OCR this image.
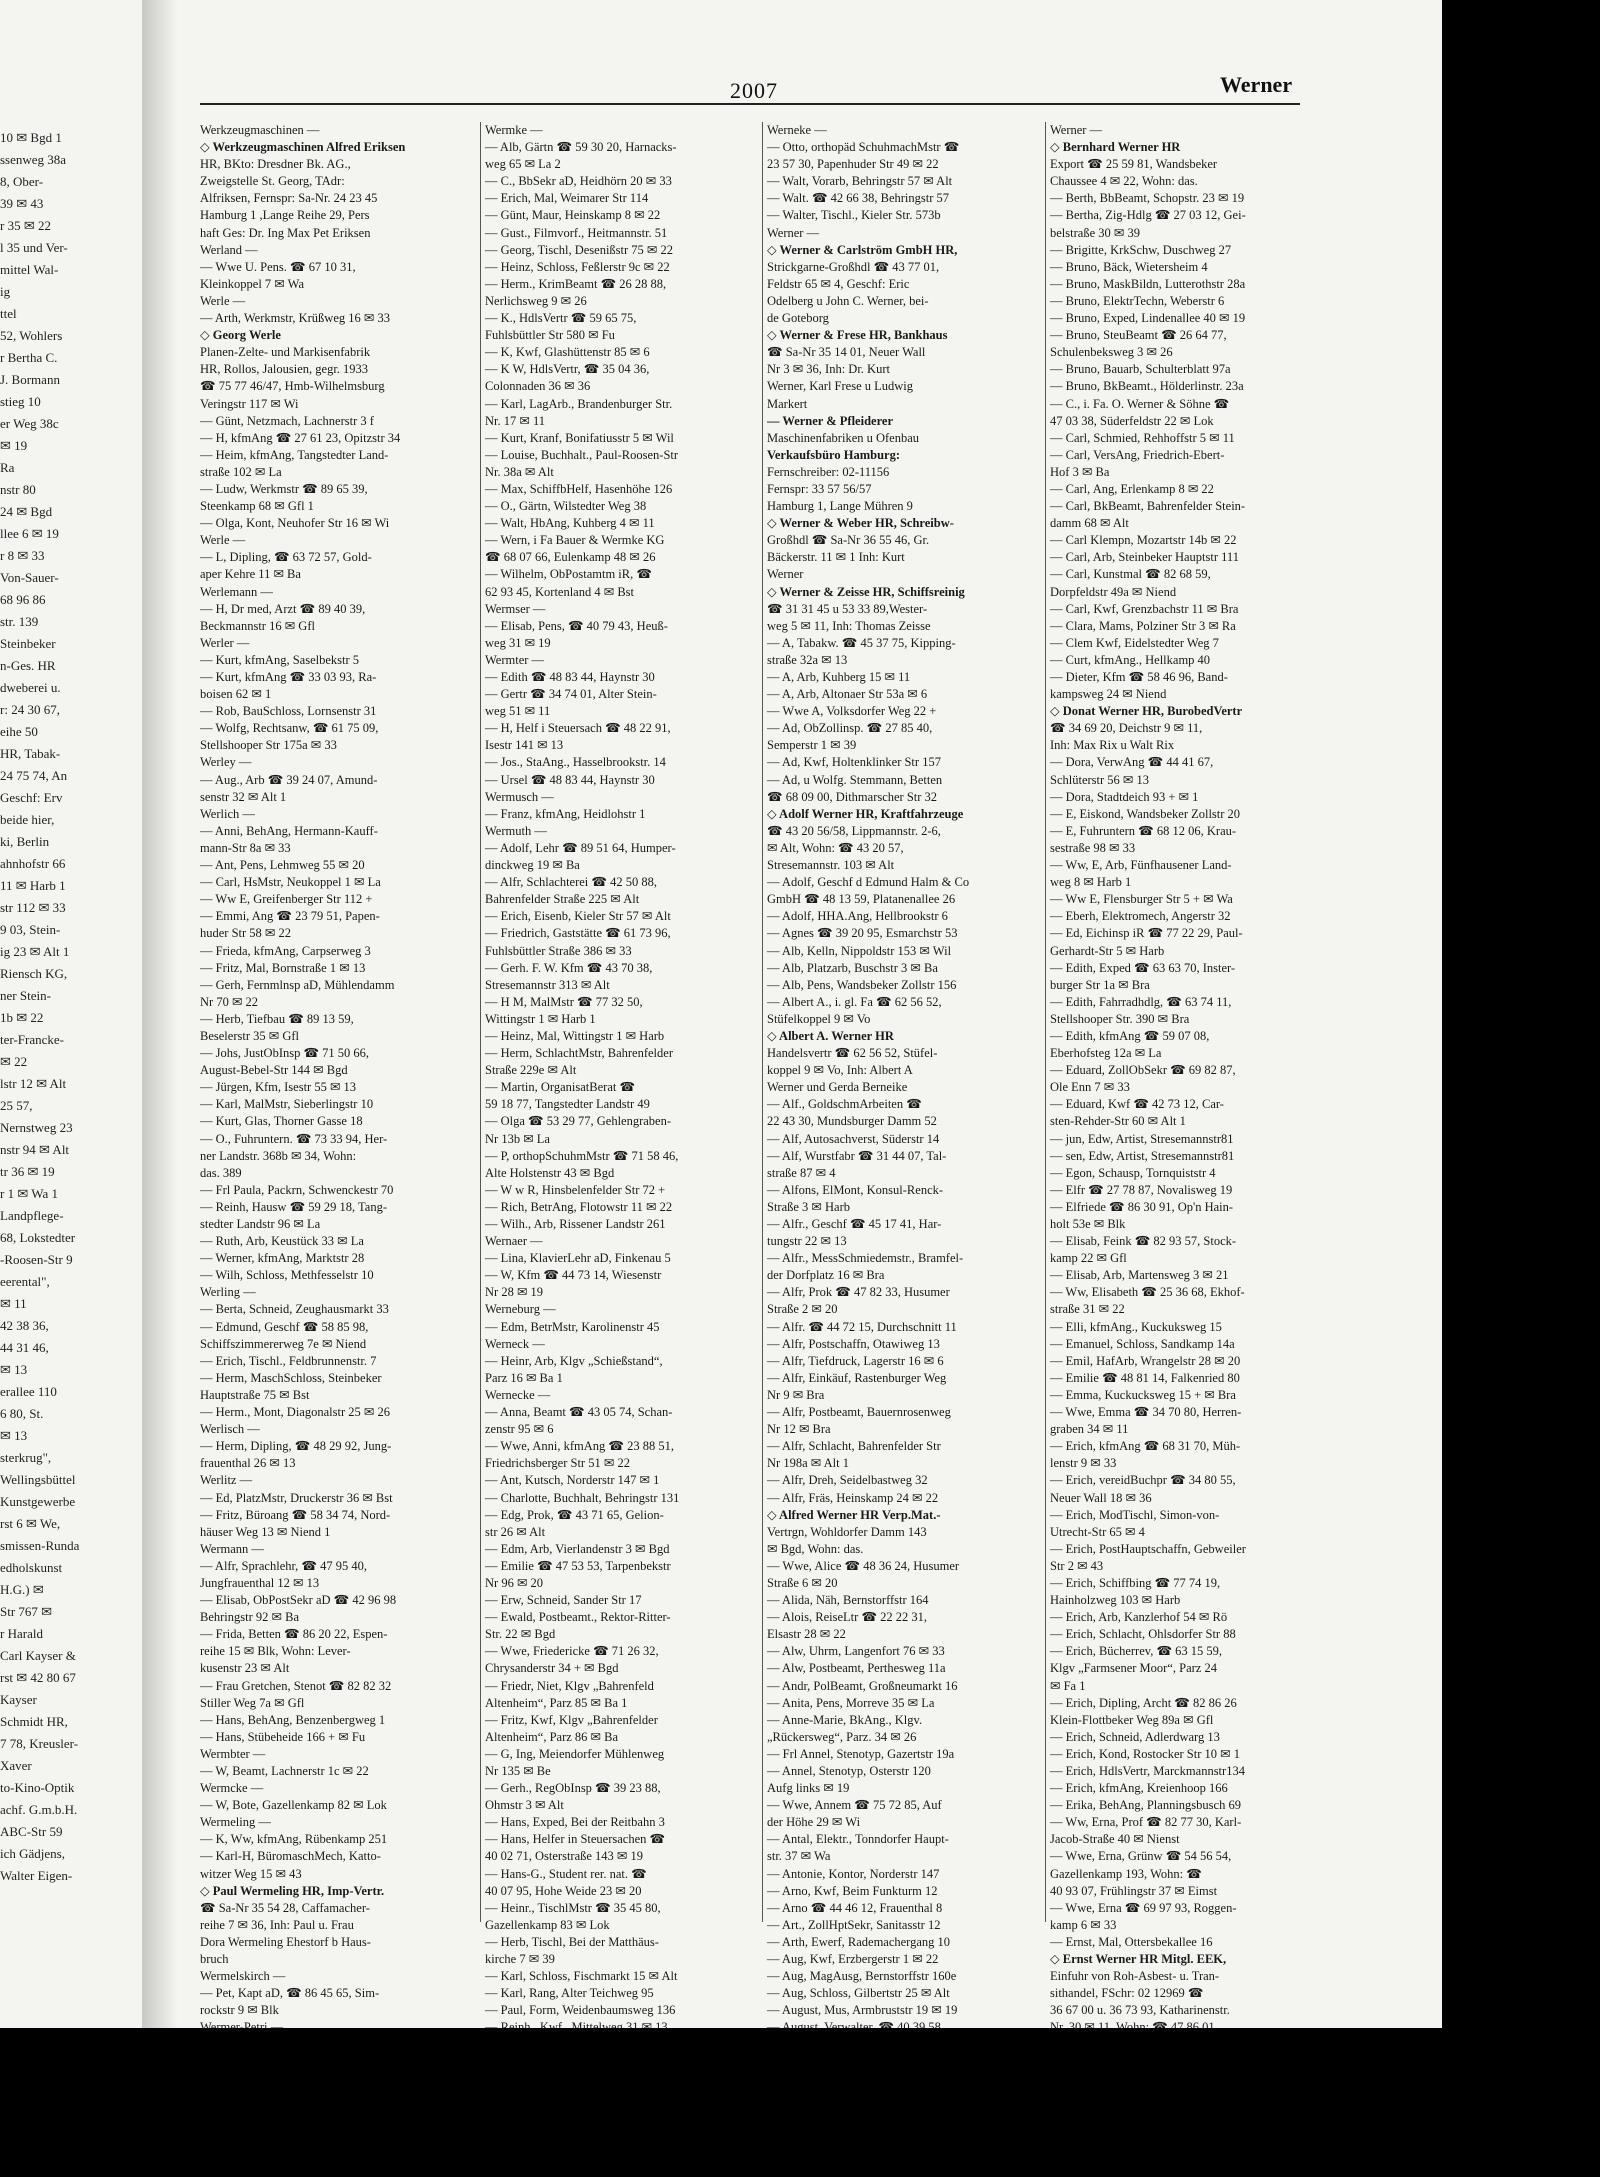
10 ✉ Bgd 1
ssenweg 38a
8, Ober-
39 ✉ 43
r 35 ✉ 22
l 35 und Ver-
mittel Wal-
ig
ttel
52, Wohlers
r Bertha C.
J. Bormann
stieg 10
er Weg 38c
✉ 19
Ra
nstr 80
24 ✉ Bgd
llee 6 ✉ 19
r 8 ✉ 33
Von-Sauer-
68 96 86
str. 139
Steinbeker
n-Ges. HR
dweberei u.
r: 24 30 67,
eihe 50
HR, Tabak-
24 75 74, An
Geschf: Erv
beide hier,
ki, Berlin
ahnhofstr 66
11 ✉ Harb 1
str 112 ✉ 33
9 03, Stein-
ig 23 ✉ Alt 1
Riensch KG,
ner Stein-
1b ✉ 22
ter-Francke-
✉ 22
lstr 12 ✉ Alt
25 57,
Nernstweg 23
nstr 94 ✉ Alt
tr 36 ✉ 19
r 1 ✉ Wa 1
Landpflege-
68, Lokstedter
-Roosen-Str 9
eerental",
✉ 11
42 38 36,
44 31 46,
✉ 13
erallee 110
6 80, St.
✉ 13
sterkrug",
Wellingsbüttel
Kunstgewerbe
rst 6 ✉ We,
smissen-Runda
edholskunst
H.G.) ✉
Str 767 ✉
r Harald
Carl Kayser &
rst ✉ 42 80 67
Kayser
Schmidt HR,
7 78, Kreusler-
Xaver
to-Kino-Optik
achf. G.m.b.H.
ABC-Str 59
ich Gädjens,
Walter Eigen-
2007	Werner
Werkzeugmaschinen —
◇ Werkzeugmaschinen Alfred Eriksen
HR, BKto: Dresdner Bk. AG.,
Zweigstelle St. Georg, TAdr:
Alfriksen, Fernspr: Sa-Nr. 24 23 45
Hamburg 1 ,Lange Reihe 29, Pers
haft Ges: Dr. Ing Max Pet Eriksen
Werland —
— Wwe U. Pens. ☎ 67 10 31,
Kleinkoppel 7 ✉ Wa
Werle —
— Arth, Werkmstr, Krüßweg 16 ✉ 33
◇ Georg Werle
Planen-Zelte- und Markisenfabrik
HR, Rollos, Jalousien, gegr. 1933
☎ 75 77 46/47, Hmb-Wilhelmsburg
Veringstr 117 ✉ Wi
— Günt, Netzmach, Lachnerstr 3 f
— H, kfmAng ☎ 27 61 23, Opitzstr 34
— Heim, kfmAng, Tangstedter Land-
straße 102 ✉ La
— Ludw, Werkmstr ☎ 89 65 39,
Steenkamp 68 ✉ Gfl 1
— Olga, Kont, Neuhofer Str 16 ✉ Wi
Werle —
— L, Dipling, ☎ 63 72 57, Gold-
aper Kehre 11 ✉ Ba
Werlemann —
— H, Dr med, Arzt ☎ 89 40 39,
Beckmannstr 16 ✉ Gfl
Werler —
— Kurt, kfmAng, Saselbekstr 5
— Kurt, kfmAng ☎ 33 03 93, Ra-
boisen 62 ✉ 1
— Rob, BauSchloss, Lornsenstr 31
— Wolfg, Rechtsanw, ☎ 61 75 09,
Stellshooper Str 175a ✉ 33
Werley —
— Aug., Arb ☎ 39 24 07, Amund-
senstr 32 ✉ Alt 1
Werlich —
— Anni, BehAng, Hermann-Kauff-
mann-Str 8a ✉ 33
— Ant, Pens, Lehmweg 55 ✉ 20
— Carl, HsMstr, Neukoppel 1 ✉ La
— Ww E, Greifenberger Str 112 +
— Emmi, Ang ☎ 23 79 51, Papen-
huder Str 58 ✉ 22
— Frieda, kfmAng, Carpserweg 3
— Fritz, Mal, Bornstraße 1 ✉ 13
— Gerh, Fernmlnsp aD, Mühlendamm
Nr 70 ✉ 22
— Herb, Tiefbau ☎ 89 13 59,
Beselerstr 35 ✉ Gfl
— Johs, JustObInsp ☎ 71 50 66,
August-Bebel-Str 144 ✉ Bgd
— Jürgen, Kfm, Isestr 55 ✉ 13
— Karl, MalMstr, Sieberlingstr 10
— Kurt, Glas, Thorner Gasse 18
— O., Fuhruntern. ☎ 73 33 94, Her-
ner Landstr. 368b ✉ 34, Wohn:
das. 389
— Frl Paula, Packrn, Schwenckestr 70
— Reinh, Hausw ☎ 59 29 18, Tang-
stedter Landstr 96 ✉ La
— Ruth, Arb, Keustück 33 ✉ La
— Werner, kfmAng, Marktstr 28
— Wilh, Schloss, Methfesselstr 10
Werling —
— Berta, Schneid, Zeughausmarkt 33
— Edmund, Geschf ☎ 58 85 98,
Schiffszimmererweg 7e ✉ Niend
— Erich, Tischl., Feldbrunnenstr. 7
— Herm, MaschSchloss, Steinbeker
Hauptstraße 75 ✉ Bst
— Herm., Mont, Diagonalstr 25 ✉ 26
Werlisch —
— Herm, Dipling, ☎ 48 29 92, Jung-
frauenthal 26 ✉ 13
Werlitz —
— Ed, PlatzMstr, Druckerstr 36 ✉ Bst
— Fritz, Büroang ☎ 58 34 74, Nord-
häuser Weg 13 ✉ Niend 1
Wermann —
— Alfr, Sprachlehr, ☎ 47 95 40,
Jungfrauenthal 12 ✉ 13
— Elisab, ObPostSekr aD ☎ 42 96 98
Behringstr 92 ✉ Ba
— Frida, Betten ☎ 86 20 22, Espen-
reihe 15 ✉ Blk, Wohn: Lever-
kusenstr 23 ✉ Alt
— Frau Gretchen, Stenot ☎ 82 82 32
Stiller Weg 7a ✉ Gfl
— Hans, BehAng, Benzenbergweg 1
— Hans, Stübeheide 166 + ✉ Fu
Wermbter —
— W, Beamt, Lachnerstr 1c ✉ 22
Wermcke —
— W, Bote, Gazellenkamp 82 ✉ Lok
Wermeling —
— K, Ww, kfmAng, Rübenkamp 251
— Karl-H, BüromaschMech, Katto-
witzer Weg 15 ✉ 43
◇ Paul Wermeling HR, Imp-Vertr.
☎ Sa-Nr 35 54 28, Caffamacher-
reihe 7 ✉ 36, Inh: Paul u. Frau
Dora Wermeling Ehestorf b Haus-
bruch
Wermelskirch —
— Pet, Kapt aD, ☎ 86 45 65, Sim-
rockstr 9 ✉ Blk
Wermke —
— Alb, Gärtn ☎ 59 30 20, Harnacks-
weg 65 ✉ La 2
— C., BbSekr aD, Heidhörn 20 ✉ 33
— Erich, Mal, Weimarer Str 114
— Günt, Maur, Heinskamp 8 ✉ 22
— Gust., Filmvorf., Heitmannstr. 51
— Georg, Tischl, Desenißstr 75 ✉ 22
— Heinz, Schloss, Feßlerstr 9c ✉ 22
— Herm., KrimBeamt ☎ 26 28 88,
Nerlichsweg 9 ✉ 26
— K., HdlsVertr ☎ 59 65 75,
Fuhlsbüttler Str 580 ✉ Fu
— K, Kwf, Glashüttenstr 85 ✉ 6
— K W, HdlsVertr, ☎ 35 04 36,
Colonnaden 36 ✉ 36
— Karl, LagArb., Brandenburger Str.
Nr. 17 ✉ 11
— Kurt, Kranf, Bonifatiusstr 5 ✉ Wil
— Louise, Buchhalt., Paul-Roosen-Str
Nr. 38a ✉ Alt
— Max, SchiffbHelf, Hasenhöhe 126
— O., Gärtn, Wilstedter Weg 38
— Walt, HbAng, Kuhberg 4 ✉ 11
— Wern, i Fa Bauer & Wermke KG
☎ 68 07 66, Eulenkamp 48 ✉ 26
— Wilhelm, ObPostamtm iR, ☎
62 93 45, Kortenland 4 ✉ Bst
Wermser —
— Elisab, Pens, ☎ 40 79 43, Heuß-
weg 31 ✉ 19
Wermter —
— Edith ☎ 48 83 44, Haynstr 30
— Gertr ☎ 34 74 01, Alter Stein-
weg 51 ✉ 11
— H, Helf i Steuersach ☎ 48 22 91,
Isestr 141 ✉ 13
— Jos., StaAng., Hasselbrookstr. 14
— Ursel ☎ 48 83 44, Haynstr 30
Wermusch —
— Franz, kfmAng, Heidlohstr 1
Wermuth —
— Adolf, Lehr ☎ 89 51 64, Humper-
dinckweg 19 ✉ Ba
— Alfr, Schlachterei ☎ 42 50 88,
Bahrenfelder Straße 225 ✉ Alt
— Erich, Eisenb, Kieler Str 57 ✉ Alt
— Friedrich, Gaststätte ☎ 61 73 96,
Fuhlsbüttler Straße 386 ✉ 33
— Gerh. F. W. Kfm ☎ 43 70 38,
Stresemannstr 313 ✉ Alt
— H M, MalMstr ☎ 77 32 50,
Wittingstr 1 ✉ Harb 1
— Heinz, Mal, Wittingstr 1 ✉ Harb
— Herm, SchlachtMstr, Bahrenfelder
Straße 229e ✉ Alt
— Martin, OrganisatBerat ☎
59 18 77, Tangstedter Landstr 49
— Olga ☎ 53 29 77, Gehlengraben-
Nr 13b ✉ La
— P, orthopSchuhmMstr ☎ 71 58 46,
Alte Holstenstr 43 ✉ Bgd
— W w R, Hinsbelenfelder Str 72 +
— Rich, BetrAng, Flotowstr 11 ✉ 22
— Wilh., Arb, Rissener Landstr 261
Wernaer —
— Lina, KlavierLehr aD, Finkenau 5
— W, Kfm ☎ 44 73 14, Wiesenstr
Nr 28 ✉ 19
Werneburg —
— Edm, BetrMstr, Karolinenstr 45
Werneck —
— Heinr, Arb, Klgv „Schießstand“,
Parz 16 ✉ Ba 1
Wernecke —
— Anna, Beamt ☎ 43 05 74, Schan-
zenstr 95 ✉ 6
— Wwe, Anni, kfmAng ☎ 23 88 51,
Friedrichsberger Str 51 ✉ 22
— Ant, Kutsch, Norderstr 147 ✉ 1
— Charlotte, Buchhalt, Behringstr 131
— Edg, Prok, ☎ 43 71 65, Gelion-
str 26 ✉ Alt
— Edm, Arb, Vierlandenstr 3 ✉ Bgd
— Emilie ☎ 47 53 53, Tarpenbekstr
Nr 96 ✉ 20
— Erw, Schneid, Sander Str 17
— Ewald, Postbeamt., Rektor-Ritter-
Str. 22 ✉ Bgd
— Wwe, Friedericke ☎ 71 26 32,
Chrysanderstr 34 + ✉ Bgd
— Friedr, Niet, Klgv „Bahrenfeld
Altenheim“, Parz 85 ✉ Ba 1
— Fritz, Kwf, Klgv „Bahrenfelder
Altenheim“, Parz 86 ✉ Ba
— G, Ing, Meiendorfer Mühlenweg
Nr 135 ✉ Be
— Gerh., RegObInsp ☎ 39 23 88,
Ohmstr 3 ✉ Alt
— Hans, Exped, Bei der Reitbahn 3
— Hans, Helfer in Steuersachen ☎
40 02 71, Osterstraße 143 ✉ 19
— Hans-G., Student rer. nat. ☎
40 07 95, Hohe Weide 23 ✉ 20
— Heinr., TischlMstr ☎ 35 45 80,
Gazellenkamp 83 ✉ Lok
— Herb, Tischl, Bei der Matthäus-
kirche 7 ✉ 39
— Karl, Schloss, Fischmarkt 15 ✉ Alt
— Karl, Rang, Alter Teichweg 95
— Paul, Form, Weidenbaumsweg 136
Werneke —
— Otto, orthopäd SchuhmachMstr ☎
23 57 30, Papenhuder Str 49 ✉ 22
— Walt, Vorarb, Behringstr 57 ✉ Alt
— Walt. ☎ 42 66 38, Behringstr 57
— Walter, Tischl., Kieler Str. 573b
Werner —
◇ Werner & Carlström GmbH HR,
Strickgarne-Großhdl ☎ 43 77 01,
Feldstr 65 ✉ 4, Geschf: Eric
Odelberg u John C. Werner, bei-
de Goteborg
◇ Werner & Frese HR, Bankhaus
☎ Sa-Nr 35 14 01, Neuer Wall
Nr 3 ✉ 36, Inh: Dr. Kurt
Werner, Karl Frese u Ludwig
Markert
— Werner & Pfleiderer
Maschinenfabriken u Ofenbau
Verkaufsbüro Hamburg:
Fernschreiber: 02-11156
Fernspr: 33 57 56/57
Hamburg 1, Lange Mühren 9
◇ Werner & Weber HR, Schreibw-
Großhdl ☎ Sa-Nr 36 55 46, Gr.
Bäckerstr. 11 ✉ 1 Inh: Kurt
Werner
◇ Werner & Zeisse HR, Schiffsreinig
☎ 31 31 45 u 53 33 89,Wester-
weg 5 ✉ 11, Inh: Thomas Zeisse
— A, Tabakw. ☎ 45 37 75, Kipping-
straße 32a ✉ 13
— A, Arb, Kuhberg 15 ✉ 11
— A, Arb, Altonaer Str 53a ✉ 6
— Wwe A, Volksdorfer Weg 22 +
— Ad, ObZollinsp. ☎ 27 85 40,
Semperstr 1 ✉ 39
— Ad, Kwf, Holtenklinker Str 157
— Ad, u Wolfg. Stemmann, Betten
☎ 68 09 00, Dithmarscher Str 32
◇ Adolf Werner HR, Kraftfahrzeuge
☎ 43 20 56/58, Lippmannstr. 2-6,
✉ Alt, Wohn: ☎ 43 20 57,
Stresemannstr. 103 ✉ Alt
— Adolf, Geschf d Edmund Halm & Co
GmbH ☎ 48 13 59, Platanenallee 26
— Adolf, HHA.Ang, Hellbrookstr 6
— Agnes ☎ 39 20 95, Esmarchstr 53
— Alb, Kelln, Nippoldstr 153 ✉ Wil
— Alb, Platzarb, Buschstr 3 ✉ Ba
— Alb, Pens, Wandsbeker Zollstr 156
— Albert A., i. gl. Fa ☎ 62 56 52,
Stüfelkoppel 9 ✉ Vo
◇ Albert A. Werner HR
Handelsvertr ☎ 62 56 52, Stüfel-
koppel 9 ✉ Vo, Inh: Albert A
Werner und Gerda Berneike
— Alf., GoldschmArbeiten ☎
22 43 30, Mundsburger Damm 52
— Alf, Autosachverst, Süderstr 14
— Alf, Wurstfabr ☎ 31 44 07, Tal-
straße 87 ✉ 4
— Alfons, ElMont, Konsul-Renck-
Straße 3 ✉ Harb
— Alfr., Geschf ☎ 45 17 41, Har-
tungstr 22 ✉ 13
— Alfr., MessSchmiedemstr., Bramfel-
der Dorfplatz 16 ✉ Bra
— Alfr, Prok ☎ 47 82 33, Husumer
Straße 2 ✉ 20
— Alfr. ☎ 44 72 15, Durchschnitt 11
— Alfr, Postschaffn, Otawiweg 13
— Alfr, Tiefdruck, Lagerstr 16 ✉ 6
— Alfr, Einkäuf, Rastenburger Weg
Nr 9 ✉ Bra
— Alfr, Postbeamt, Bauernrosenweg
Nr 12 ✉ Bra
— Alfr, Schlacht, Bahrenfelder Str
Nr 198a ✉ Alt 1
— Alfr, Dreh, Seidelbastweg 32
— Alfr, Fräs, Heinskamp 24 ✉ 22
◇ Alfred Werner HR Verp.Mat.-
Vertrgn, Wohldorfer Damm 143
✉ Bgd, Wohn: das.
— Wwe, Alice ☎ 48 36 24, Husumer
Straße 6 ✉ 20
— Alida, Näh, Bernstorffstr 164
— Alois, ReiseLtr ☎ 22 22 31,
Elsastr 28 ✉ 22
— Alw, Uhrm, Langenfort 76 ✉ 33
— Alw, Postbeamt, Perthesweg 11a
— Andr, PolBeamt, Großneumarkt 16
— Anita, Pens, Morreve 35 ✉ La
— Anne-Marie, BkAng., Klgv.
„Rückersweg“, Parz. 34 ✉ 26
— Frl Annel, Stenotyp, Gazertstr 19a
— Annel, Stenotyp, Osterstr 120
Aufg links ✉ 19
— Wwe, Annem ☎ 75 72 85, Auf
der Höhe 29 ✉ Wi
— Antal, Elektr., Tonndorfer Haupt-
str. 37 ✉ Wa
— Antonie, Kontor, Norderstr 147
— Arno, Kwf, Beim Funkturm 12
— Arno ☎ 44 46 12, Frauenthal 8
— Art., ZollHptSekr, Sanitasstr 12
— Arth, Ewerf, Rademachergang 10
— Aug, Kwf, Erzbergerstr 1 ✉ 22
— Aug, MagAusg, Bernstorffstr 160e
— Aug, Schloss, Gilbertstr 25 ✉ Alt
— August, Mus, Armbruststr 19 ✉ 19
Werner —
◇ Bernhard Werner HR
Export ☎ 25 59 81, Wandsbeker
Chaussee 4 ✉ 22, Wohn: das.
— Berth, BbBeamt, Schopstr. 23 ✉ 19
— Bertha, Zig-Hdlg ☎ 27 03 12, Gei-
belstraße 30 ✉ 39
— Brigitte, KrkSchw, Duschweg 27
— Bruno, Bäck, Wietersheim 4
— Bruno, MaskBildn, Lutterothstr 28a
— Bruno, ElektrTechn, Weberstr 6
— Bruno, Exped, Lindenallee 40 ✉ 19
— Bruno, SteuBeamt ☎ 26 64 77,
Schulenbeksweg 3 ✉ 26
— Bruno, Bauarb, Schulterblatt 97a
— Bruno, BkBeamt., Hölderlinstr. 23a
— C., i. Fa. O. Werner & Söhne ☎
47 03 38, Süderfeldstr 22 ✉ Lok
— Carl, Schmied, Rehhoffstr 5 ✉ 11
— Carl, VersAng, Friedrich-Ebert-
Hof 3 ✉ Ba
— Carl, Ang, Erlenkamp 8 ✉ 22
— Carl, BkBeamt, Bahrenfelder Stein-
damm 68 ✉ Alt
— Carl Klempn, Mozartstr 14b ✉ 22
— Carl, Arb, Steinbeker Hauptstr 111
— Carl, Kunstmal ☎ 82 68 59,
Dorpfeldstr 49a ✉ Niend
— Carl, Kwf, Grenzbachstr 11 ✉ Bra
— Clara, Mams, Polziner Str 3 ✉ Ra
— Clem Kwf, Eidelstedter Weg 7
— Curt, kfmAng., Hellkamp 40
— Dieter, Kfm ☎ 58 46 96, Band-
kampsweg 24 ✉ Niend
◇ Donat Werner HR, BurobedVertr
☎ 34 69 20, Deichstr 9 ✉ 11,
Inh: Max Rix u Walt Rix
— Dora, VerwAng ☎ 44 41 67,
Schlüterstr 56 ✉ 13
— Dora, Stadtdeich 93 + ✉ 1
— E, Eiskond, Wandsbeker Zollstr 20
— E, Fuhruntern ☎ 68 12 06, Krau-
sestraße 98 ✉ 33
— Ww, E, Arb, Fünfhausener Land-
weg 8 ✉ Harb 1
— Ww E, Flensburger Str 5 + ✉ Wa
— Eberh, Elektromech, Angerstr 32
— Ed, Eichinsp iR ☎ 77 22 29, Paul-
Gerhardt-Str 5 ✉ Harb
— Edith, Exped ☎ 63 63 70, Inster-
burger Str 1a ✉ Bra
— Edith, Fahrradhdlg, ☎ 63 74 11,
Stellshooper Str. 390 ✉ Bra
— Edith, kfmAng ☎ 59 07 08,
Eberhofsteg 12a ✉ La
— Eduard, ZollObSekr ☎ 69 82 87,
Ole Enn 7 ✉ 33
— Eduard, Kwf ☎ 42 73 12, Car-
sten-Rehder-Str 60 ✉ Alt 1
— jun, Edw, Artist, Stresemannstr81
— sen, Edw, Artist, Stresemannstr81
— Egon, Schausp, Tornquiststr 4
— Elfr ☎ 27 78 87, Novalisweg 19
— Elfriede ☎ 86 30 91, Op'n Hain-
holt 53e ✉ Blk
— Elisab, Feink ☎ 82 93 57, Stock-
kamp 22 ✉ Gfl
— Elisab, Arb, Martensweg 3 ✉ 21
— Ww, Elisabeth ☎ 25 36 68, Ekhof-
straße 31 ✉ 22
— Elli, kfmAng., Kuckuksweg 15
— Emanuel, Schloss, Sandkamp 14a
— Emil, HafArb, Wrangelstr 28 ✉ 20
— Emilie ☎ 48 81 14, Falkenried 80
— Emma, Kuckucksweg 15 + ✉ Bra
— Wwe, Emma ☎ 34 70 80, Herren-
graben 34 ✉ 11
— Erich, kfmAng ☎ 68 31 70, Müh-
lenstr 9 ✉ 33
— Erich, vereidBuchpr ☎ 34 80 55,
Neuer Wall 18 ✉ 36
— Erich, ModTischl, Simon-von-
Utrecht-Str 65 ✉ 4
— Erich, PostHauptschaffn, Gebweiler
Str 2 ✉ 43
— Erich, Schiffbing ☎ 77 74 19,
Hainholzweg 103 ✉ Harb
— Erich, Arb, Kanzlerhof 54 ✉ Rö
— Erich, Schlacht, Ohlsdorfer Str 88
— Erich, Bücherrev, ☎ 63 15 59,
Klgv „Farmsener Moor“, Parz 24
✉ Fa 1
— Erich, Dipling, Archt ☎ 82 86 26
Klein-Flottbeker Weg 89a ✉ Gfl
— Erich, Schneid, Adlerdwarg 13
— Erich, Kond, Rostocker Str 10 ✉ 1
— Erich, HdlsVertr, Marckmannstr134
— Erich, kfmAng, Kreienhoop 166
— Erika, BehAng, Planningsbusch 69
— Ww, Erna, Prof ☎ 82 77 30, Karl-
Jacob-Straße 40 ✉ Nienst
— Wwe, Erna, Grünw ☎ 54 56 54,
Gazellenkamp 193, Wohn: ☎
40 93 07, Frühlingstr 37 ✉ Eimst
— Wwe, Erna ☎ 69 97 93, Roggen-
kamp 6 ✉ 33
— Ernst, Mal, Ottersbekallee 16
◇ Ernst Werner HR Mitgl. EEK,
Einfuhr von Roh-Asbest- u. Tran-
sithandel, FSchr: 02 12969 ☎
36 67 00 u. 36 73 93, Katharinenstr.
